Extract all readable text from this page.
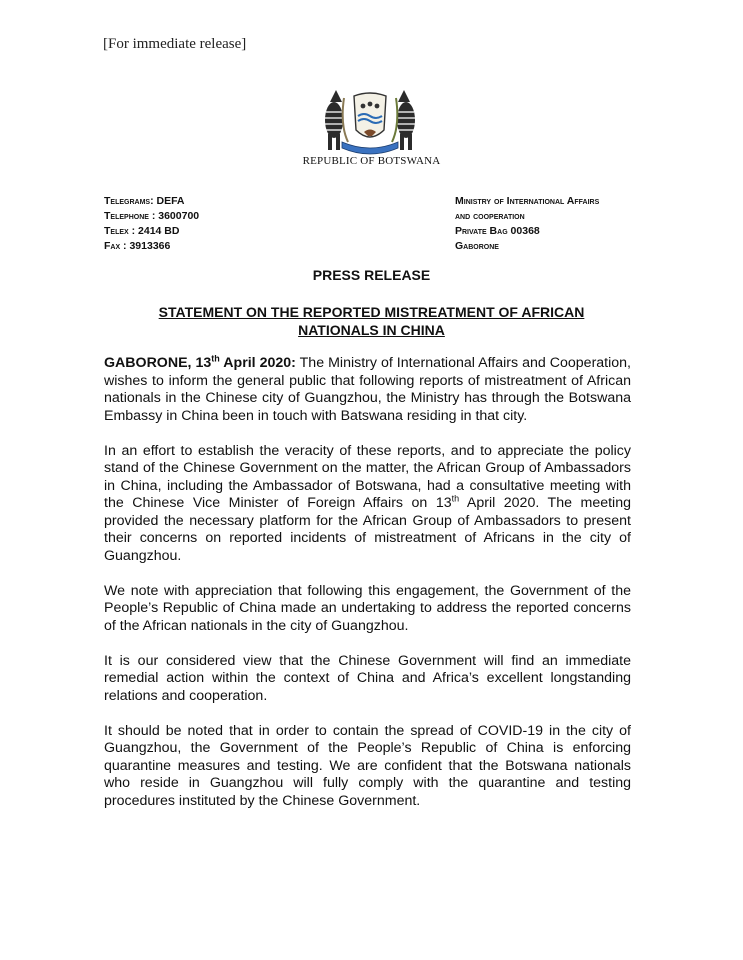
[For immediate release]
REPUBLIC OF BOTSWANA
Telegrams: DEFA
Telephone : 3600700
Telex : 2414 BD
Fax : 3913366
Ministry of International Affairs
and cooperation
Private Bag 00368
Gaborone
PRESS RELEASE
STATEMENT ON THE REPORTED MISTREATMENT OF AFRICAN
NATIONALS IN CHINA

GABORONE, 13th April 2020: The Ministry of International Affairs and Cooperation, wishes to inform the general public that following reports of mistreatment of African nationals in the Chinese city of Guangzhou, the Ministry has through the Botswana Embassy in China been in touch with Batswana residing in that city.

In an effort to establish the veracity of these reports, and to appreciate the policy stand of the Chinese Government on the matter, the African Group of Ambassadors in China, including the Ambassador of Botswana, had a consultative meeting with the Chinese Vice Minister of Foreign Affairs on 13th April 2020. The meeting provided the necessary platform for the African Group of Ambassadors to present their concerns on reported incidents of mistreatment of Africans in the city of Guangzhou.

We note with appreciation that following this engagement, the Government of the People’s Republic of China made an undertaking to address the reported concerns of the African nationals in the city of Guangzhou.

It is our considered view that the Chinese Government will find an immediate remedial action within the context of China and Africa’s excellent longstanding relations and cooperation.

It should be noted that in order to contain the spread of COVID-19 in the city of Guangzhou, the Government of the People’s Republic of China is enforcing quarantine measures and testing. We are confident that the Botswana nationals who reside in Guangzhou will fully comply with the quarantine and testing procedures instituted by the Chinese Government.
